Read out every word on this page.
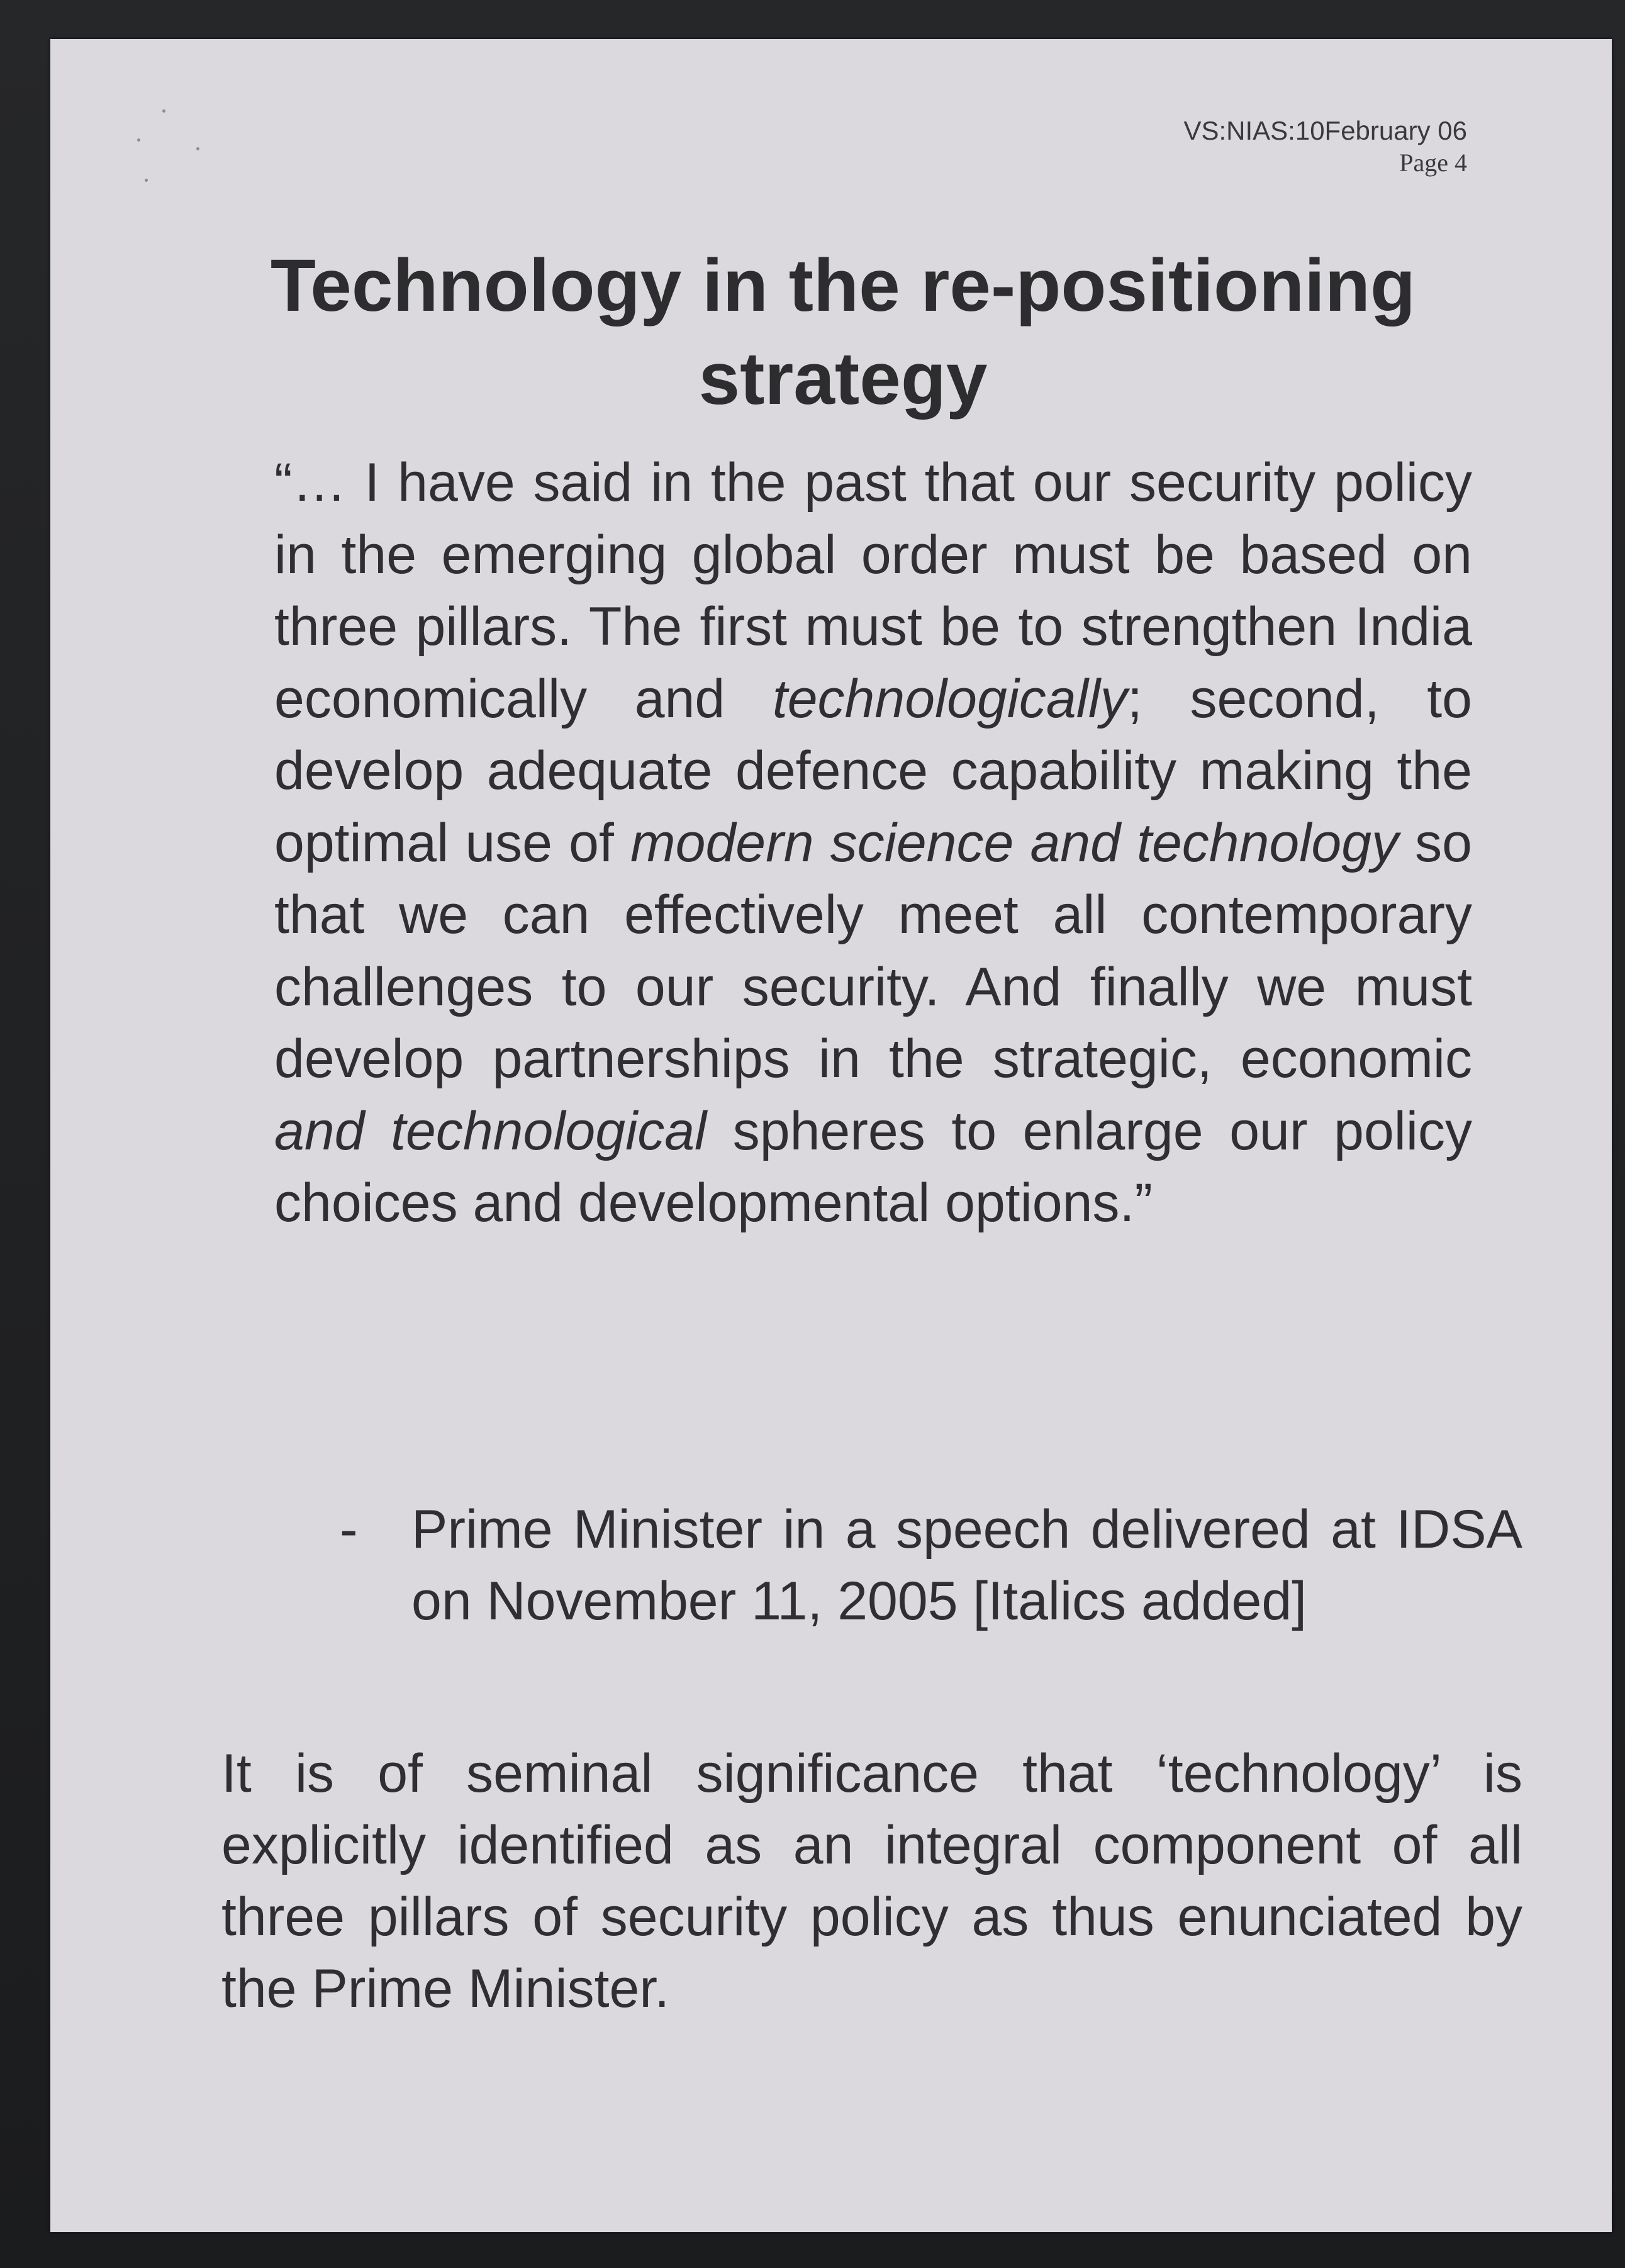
VS:NIAS:10February 06
Page 4
Technology in the re-positioning strategy

“… I have said in the past that our security policy in the emerging global order must be based on three pillars. The first must be to strengthen India economically and technologically; second, to develop adequate defence capability making the optimal use of modern science and technology so that we can effectively meet all contemporary challenges to our security. And finally we must develop partnerships in the strategic, economic and technological spheres to enlarge our policy choices and developmental options.”

- Prime Minister in a speech delivered at IDSA on November 11, 2005 [Italics added]

It is of seminal significance that ‘technology’ is explicitly identified as an integral component of all three pillars of security policy as thus enunciated by the Prime Minister.
